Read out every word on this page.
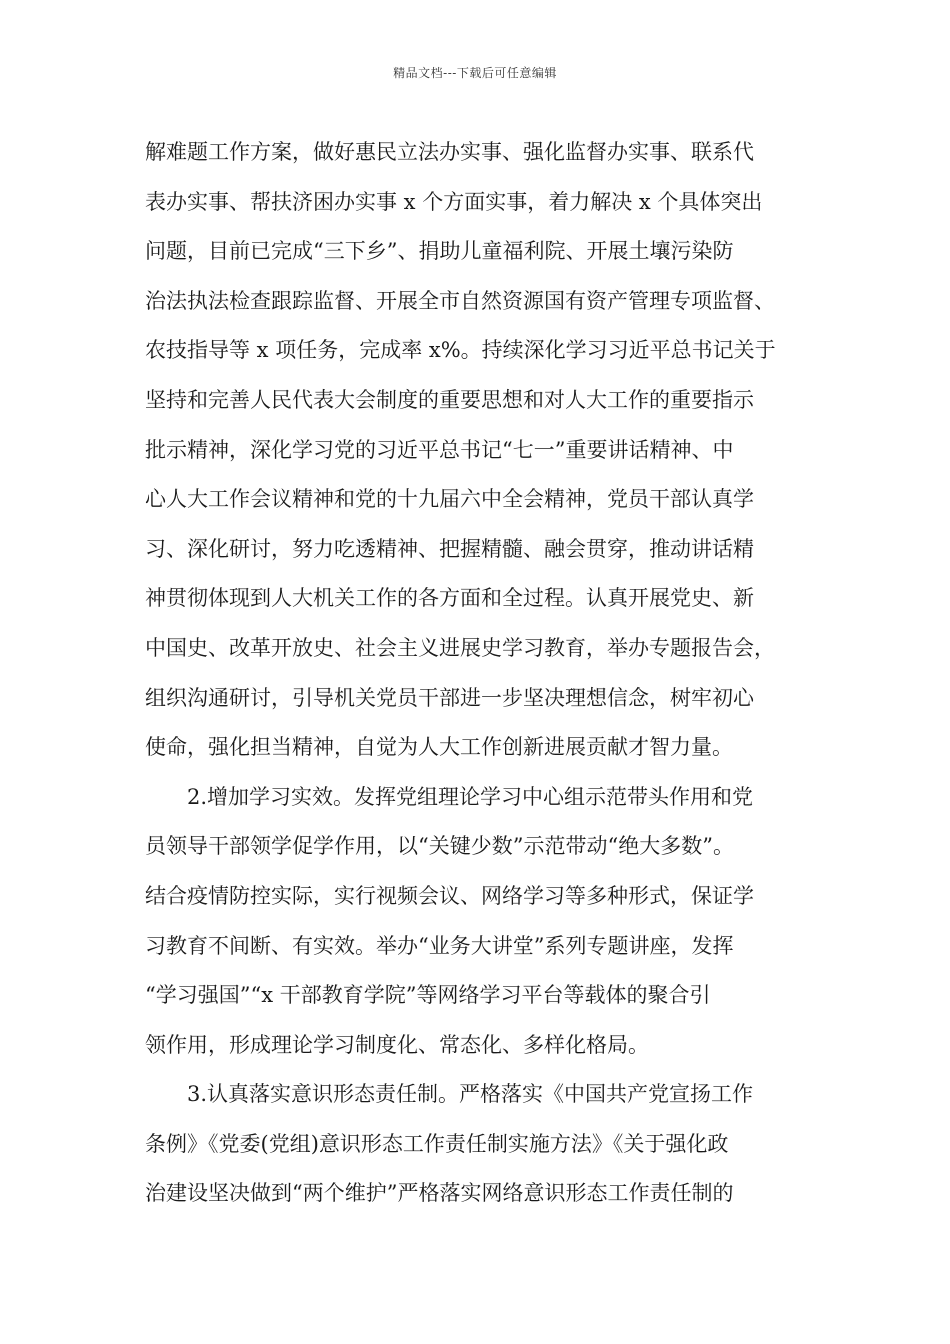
精品文档---下载后可任意编辑
解难题工作方案，做好惠民立法办实事、强化监督办实事、联系代
表办实事、帮扶济困办实事 x 个方面实事，着力解决 x 个具体突出
问题，目前已完成“三下乡”、捐助儿童福利院、开展土壤污染防
治法执法检查跟踪监督、开展全市自然资源国有资产管理专项监督、
农技指导等 x 项任务，完成率 x%。持续深化学习习近平总书记关于
坚持和完善人民代表大会制度的重要思想和对人大工作的重要指示
批示精神，深化学习党的习近平总书记“七一”重要讲话精神、中
心人大工作会议精神和党的十九届六中全会精神，党员干部认真学
习、深化研讨，努力吃透精神、把握精髓、融会贯穿，推动讲话精
神贯彻体现到人大机关工作的各方面和全过程。认真开展党史、新
中国史、改革开放史、社会主义进展史学习教育，举办专题报告会，
组织沟通研讨，引导机关党员干部进一步坚决理想信念，树牢初心
使命，强化担当精神，自觉为人大工作创新进展贡献才智力量。
2.增加学习实效。发挥党组理论学习中心组示范带头作用和党
员领导干部领学促学作用，以“关键少数”示范带动“绝大多数”。
结合疫情防控实际，实行视频会议、网络学习等多种形式，保证学
习教育不间断、有实效。举办“业务大讲堂”系列专题讲座，发挥
“学习强国”“x 干部教育学院”等网络学习平台等载体的聚合引
领作用，形成理论学习制度化、常态化、多样化格局。
3.认真落实意识形态责任制。严格落实《中国共产党宣扬工作
条例》《党委(党组)意识形态工作责任制实施方法》《关于强化政
治建设坚决做到“两个维护”严格落实网络意识形态工作责任制的
